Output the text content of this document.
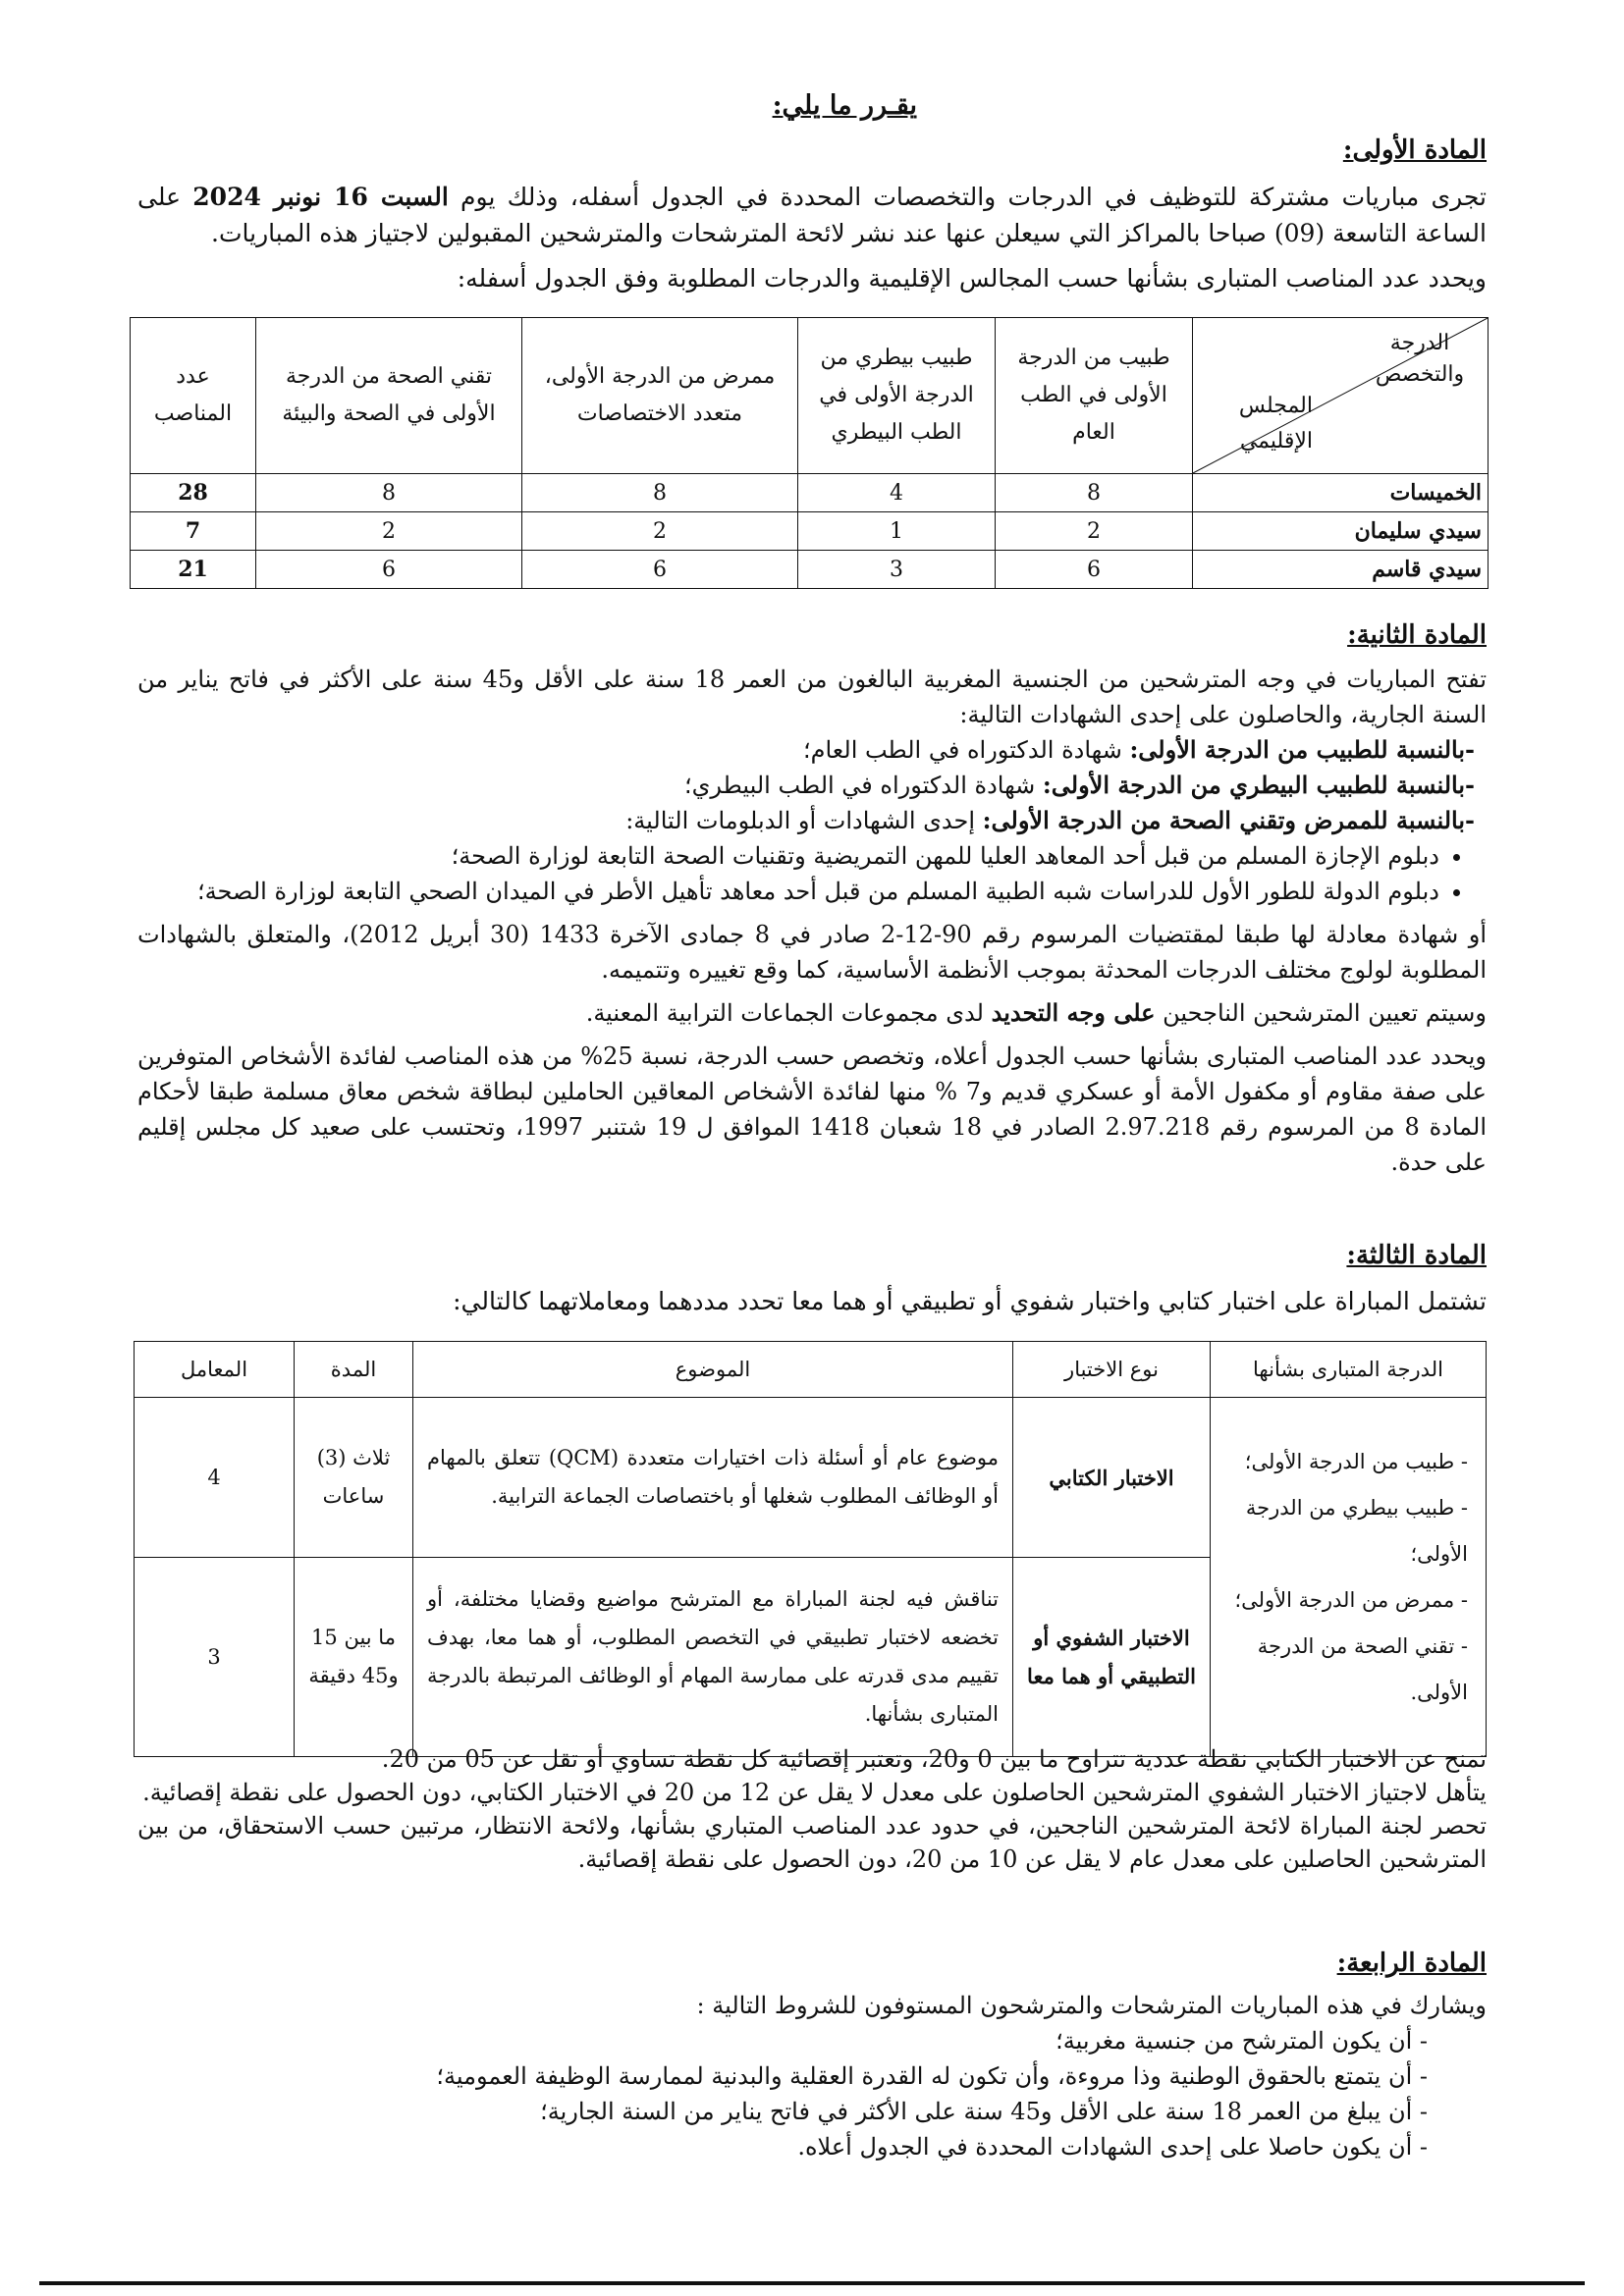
يقـرر ما يلي:
المادة الأولى:
تجرى مباريات مشتركة للتوظيف في الدرجات والتخصصات المحددة في الجدول أسفله، وذلك يوم السبت 16 نونبر 2024 على الساعة التاسعة (09) صباحا بالمراكز التي سيعلن عنها عند نشر لائحة المترشحات والمترشحين المقبولين لاجتياز هذه المباريات.
ويحدد عدد المناصب المتبارى بشأنها حسب المجالس الإقليمية والدرجات المطلوبة وفق الجدول أسفله:
الدرجة والتخصص
المجلس الإقليمي	طبيب من الدرجة الأولى في الطب العام	طبيب بيطري من الدرجة الأولى في الطب البيطري	ممرض من الدرجة الأولى، متعدد الاختصاصات	تقني الصحة من الدرجة الأولى في الصحة والبيئة	عدد المناصب
الخميسات	8	4	8	8	28
سيدي سليمان	2	1	2	2	7
سيدي قاسم	6	3	6	6	21
المادة الثانية:
تفتح المباريات في وجه المترشحين من الجنسية المغربية البالغون من العمر 18 سنة على الأقل و45 سنة على الأكثر في فاتح يناير من السنة الجارية، والحاصلون على إحدى الشهادات التالية:
-بالنسبة للطبيب من الدرجة الأولى: شهادة الدكتوراه في الطب العام؛
-بالنسبة للطبيب البيطري من الدرجة الأولى: شهادة الدكتوراه في الطب البيطري؛
-بالنسبة للممرض وتقني الصحة من الدرجة الأولى: إحدى الشهادات أو الدبلومات التالية:
• دبلوم الإجازة المسلم من قبل أحد المعاهد العليا للمهن التمريضية وتقنيات الصحة التابعة لوزارة الصحة؛
• دبلوم الدولة للطور الأول للدراسات شبه الطبية المسلم من قبل أحد معاهد تأهيل الأطر في الميدان الصحي التابعة لوزارة الصحة؛
أو شهادة معادلة لها طبقا لمقتضيات المرسوم رقم 90-12-2 صادر في 8 جمادى الآخرة 1433 (30 أبريل 2012)، والمتعلق بالشهادات المطلوبة لولوج مختلف الدرجات المحدثة بموجب الأنظمة الأساسية، كما وقع تغييره وتتميمه.
وسيتم تعيين المترشحين الناجحين على وجه التحديد لدى مجموعات الجماعات الترابية المعنية.
ويحدد عدد المناصب المتبارى بشأنها حسب الجدول أعلاه، وتخصص حسب الدرجة، نسبة 25% من هذه المناصب لفائدة الأشخاص المتوفرين على صفة مقاوم أو مكفول الأمة أو عسكري قديم و7 % منها لفائدة الأشخاص المعاقين الحاملين لبطاقة شخص معاق مسلمة طبقا لأحكام المادة 8 من المرسوم رقم 2.97.218 الصادر في 18 شعبان 1418 الموافق ل 19 شتنبر 1997، وتحتسب على صعيد كل مجلس إقليم على حدة.
المادة الثالثة:
تشتمل المباراة على اختبار كتابي واختبار شفوي أو تطبيقي أو هما معا تحدد مددهما ومعاملاتهما كالتالي:
الدرجة المتبارى بشأنها	نوع الاختبار	الموضوع	المدة	المعامل

- طبيب من الدرجة الأولى؛
- طبيب بيطري من الدرجة الأولى؛
- ممرض من الدرجة الأولى؛
- تقني الصحة من الدرجة الأولى.	الاختبار الكتابي	موضوع عام أو أسئلة ذات اختيارات متعددة (QCM) تتعلق بالمهام أو الوظائف المطلوب شغلها أو باختصاصات الجماعة الترابية.	ثلاث (3) ساعات	4
	الاختبار الشفوي أو التطبيقي أو هما معا	تناقش فيه لجنة المباراة مع المترشح مواضيع وقضايا مختلفة، أو تخضعه لاختبار تطبيقي في التخصص المطلوب، أو هما معا، بهدف تقييم مدى قدرته على ممارسة المهام أو الوظائف المرتبطة بالدرجة المتبارى بشأنها.	ما بين 15 و45 دقيقة	3
تمنح عن الاختبار الكتابي نقطة عددية تتراوح ما بين 0 و20، وتعتبر إقصائية كل نقطة تساوي أو تقل عن 05 من 20.
يتأهل لاجتياز الاختبار الشفوي المترشحين الحاصلون على معدل لا يقل عن 12 من 20 في الاختبار الكتابي، دون الحصول على نقطة إقصائية.
تحصر لجنة المباراة لائحة المترشحين الناجحين، في حدود عدد المناصب المتباري بشأنها، ولائحة الانتظار، مرتبين حسب الاستحقاق، من بين المترشحين الحاصلين على معدل عام لا يقل عن 10 من 20، دون الحصول على نقطة إقصائية.
المادة الرابعة:
ويشارك في هذه المباريات المترشحات والمترشحون المستوفون للشروط التالية :
- أن يكون المترشح من جنسية مغربية؛
- أن يتمتع بالحقوق الوطنية وذا مروءة، وأن تكون له القدرة العقلية والبدنية لممارسة الوظيفة العمومية؛
- أن يبلغ من العمر 18 سنة على الأقل و45 سنة على الأكثر في فاتح يناير من السنة الجارية؛
- أن يكون حاصلا على إحدى الشهادات المحددة في الجدول أعلاه.
